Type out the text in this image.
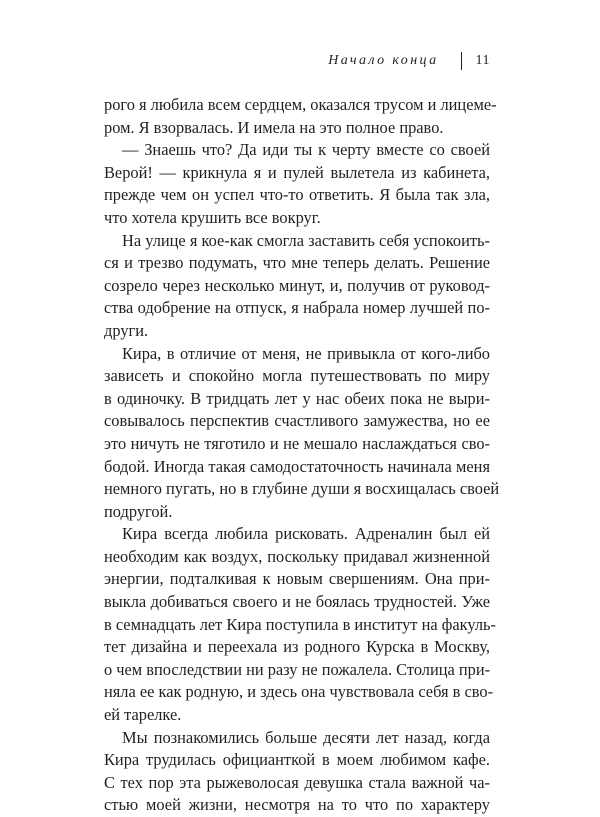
Начало конца	11

рого я любила всем сердцем, оказался трусом и лицеме-
ром. Я взорвалась. И имела на это полное право.

— Знаешь что? Да иди ты к черту вместе со своей
Верой! — крикнула я и пулей вылетела из кабинета,
прежде чем он успел что-то ответить. Я была так зла,
что хотела крушить все вокруг.

На улице я кое-как смогла заставить себя успокоить-
ся и трезво подумать, что мне теперь делать. Решение
созрело через несколько минут, и, получив от руковод-
ства одобрение на отпуск, я набрала номер лучшей по-
други.

Кира, в отличие от меня, не привыкла от кого-либо
зависеть и спокойно могла путешествовать по миру
в одиночку. В тридцать лет у нас обеих пока не выри-
совывалось перспектив счастливого замужества, но ее
это ничуть не тяготило и не мешало наслаждаться сво-
бодой. Иногда такая самодостаточность начинала меня
немного пугать, но в глубине души я восхищалась своей
подругой.

Кира всегда любила рисковать. Адреналин был ей
необходим как воздух, поскольку придавал жизненной
энергии, подталкивая к новым свершениям. Она при-
выкла добиваться своего и не боялась трудностей. Уже
в семнадцать лет Кира поступила в институт на факуль-
тет дизайна и переехала из родного Курска в Москву,
о чем впоследствии ни разу не пожалела. Столица при-
няла ее как родную, и здесь она чувствовала себя в сво-
ей тарелке.

Мы познакомились больше десяти лет назад, когда
Кира трудилась официанткой в моем любимом кафе.
С тех пор эта рыжеволосая девушка стала важной ча-
стью моей жизни, несмотря на то что по характеру
